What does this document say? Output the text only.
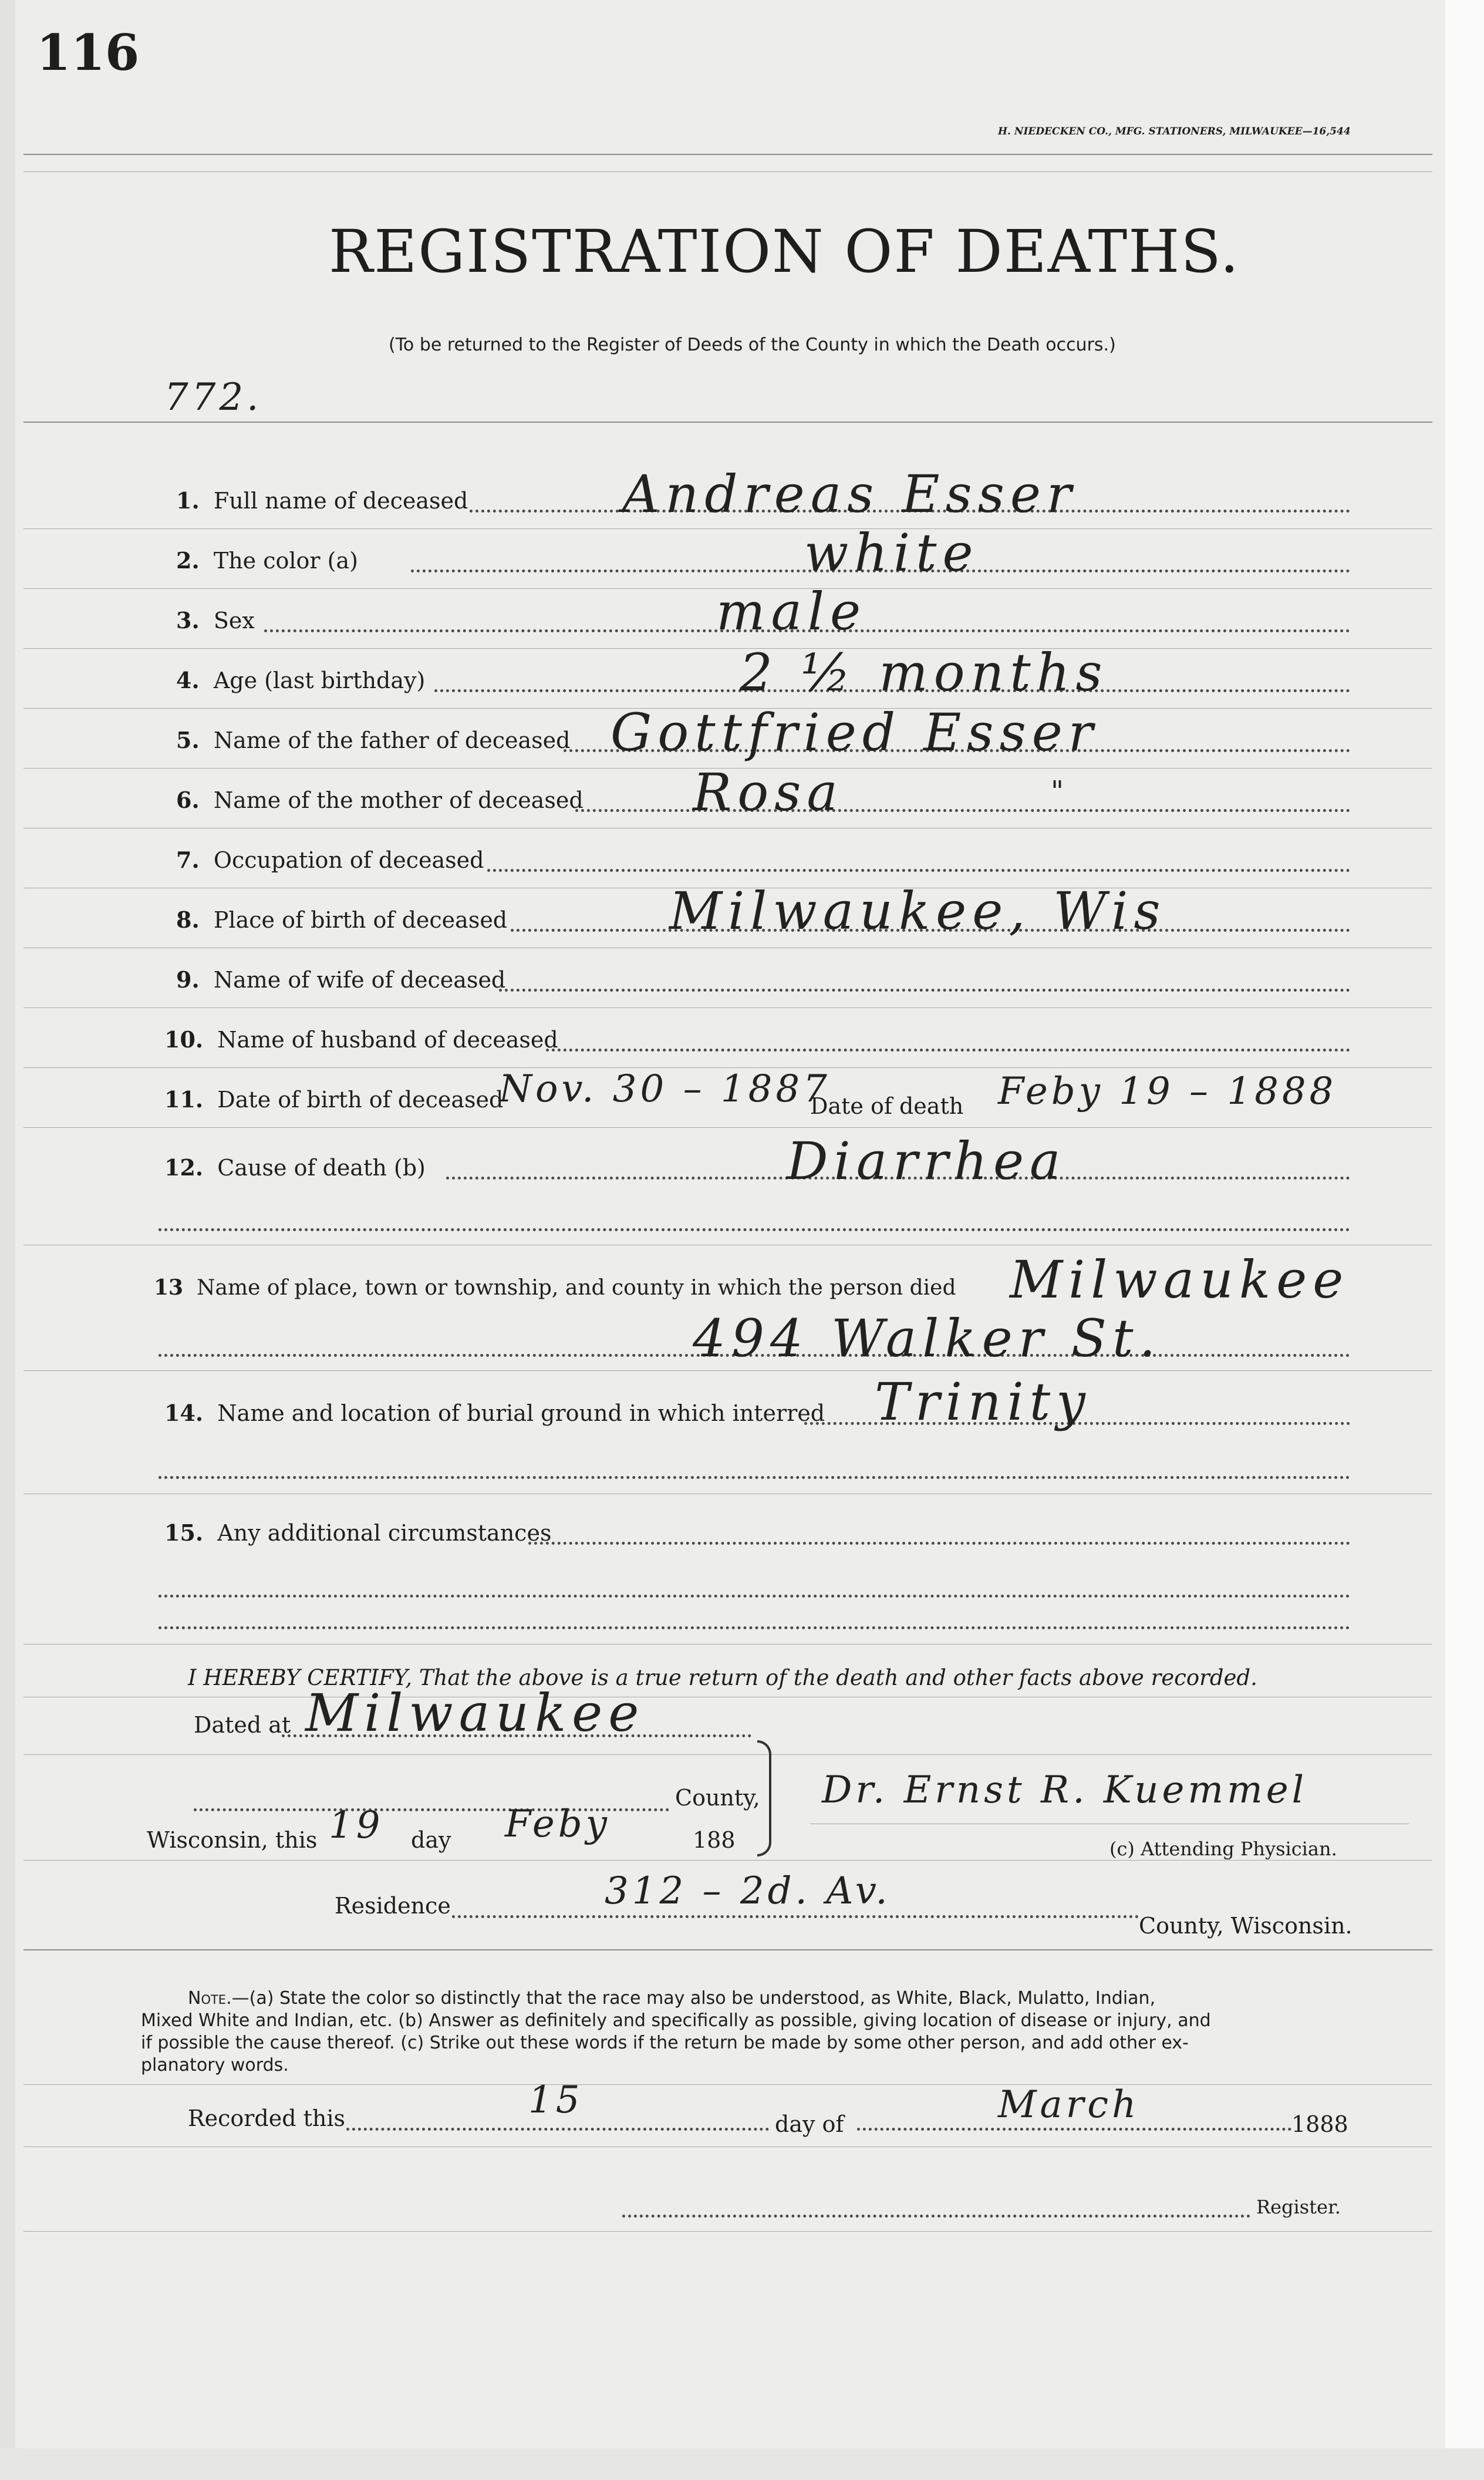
116
H. NIEDECKEN CO., MFG. STATIONERS, MILWAUKEE—16,544
REGISTRATION OF DEATHS.
(To be returned to the Register of Deeds of the County in which the Death occurs.)
772.
1. Full name of deceased	Andreas Esser
2. The color (a)	white
3. Sex	male
4. Age (last birthday)	2 ½ months
5. Name of the father of deceased Gottfried Esser
6. Name of the mother of deceased Rosa	"
7. Occupation of deceased
8. Place of birth of deceased	Milwaukee, Wis
9. Name of wife of deceased
10. Name of husband of deceased
11. Date of birth of deceased
Nov. 30 – 1887
Date of death Feby 19 – 1888
12. Cause of death (b)	Diarrhea
13 Name of place, town or township, and county in which the person died Milwaukee
494 Walker St.
14. Name and location of burial ground in which interred Trinity
15. Any additional circumstances
I HEREBY CERTIFY, That the above is a true return of the death and other facts above recorded.
Dated at Milwaukee
County, Dr. Ernst R. Kuemmel
Wisconsin, this 19 day Feby	188	(c) Attending Physician.
Residence	312 – 2d. Av.
County, Wisconsin.
Note.—(a) State the color so distinctly that the race may also be understood, as White, Black, Mulatto, Indian,
Mixed White and Indian, etc. (b) Answer as definitely and specifically as possible, giving location of disease or injury, and
if possible the cause thereof. (c) Strike out these words if the return be made by some other person, and add other ex-
planatory words.
Recorded this	15
day of	March	1888
Register.
